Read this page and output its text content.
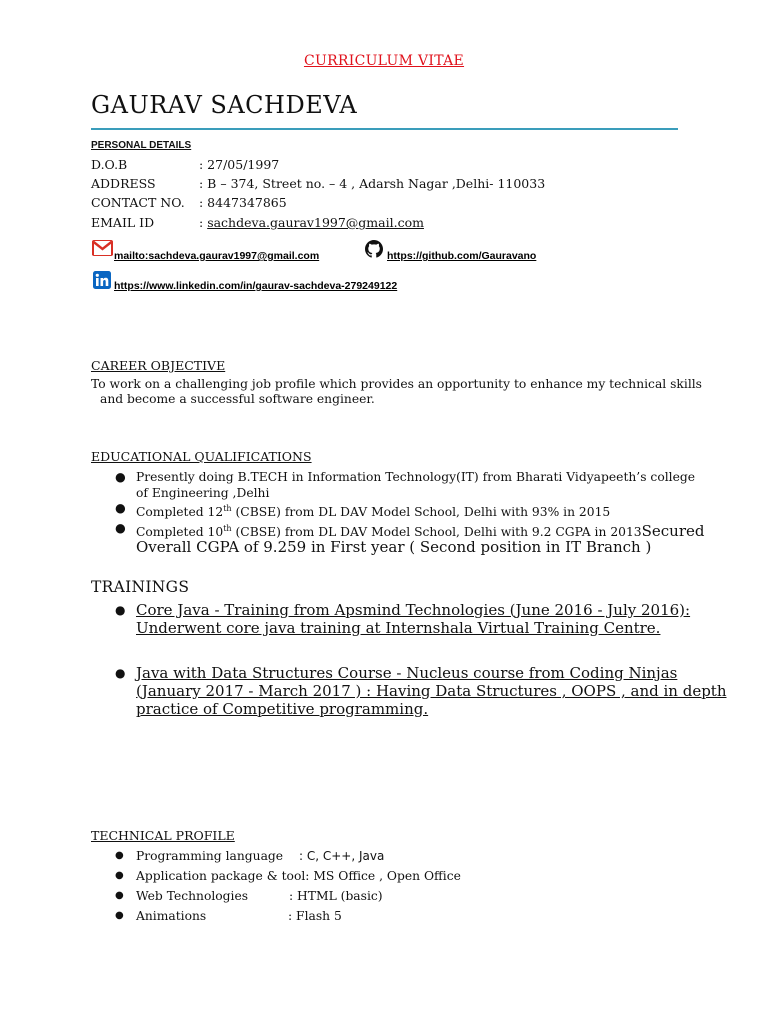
CURRICULUM VITAE
GAURAV SACHDEVA
PERSONAL DETAILS
D.O.B	: 27/05/1997
ADDRESS	: B – 374, Street no. – 4 , Adarsh Nagar ,Delhi- 110033
CONTACT NO. : 8447347865
EMAIL ID	: sachdeva.gaurav1997@gmail.com
mailto:sachdeva.gaurav1997@gmail.com	https://github.com/Gauravano
https://www.linkedin.com/in/gaurav-sachdeva-279249122
CAREER OBJECTIVE
To work on a challenging job profile which provides an opportunity to enhance my technical skills
and become a successful software engineer.
EDUCATIONAL QUALIFICATIONS
● Presently doing B.TECH in Information Technology(IT) from Bharati Vidyapeeth’s college
of Engineering ,Delhi
● Completed 12th (CBSE) from DL DAV Model School, Delhi with 93% in 2015
● Completed 10th (CBSE) from DL DAV Model School, Delhi with 9.2 CGPA in 2013Secured
Overall CGPA of 9.259 in First year ( Second position in IT Branch )
TRAININGS
● Core Java - Training from Apsmind Technologies (June 2016 - July 2016):
Underwent core java training at Internshala Virtual Training Centre.
● Java with Data Structures Course - Nucleus course from Coding Ninjas
(January 2017 - March 2017 ) : Having Data Structures , OOPS , and in depth
practice of Competitive programming.
TECHNICAL PROFILE
● Programming language : C, C++, Java
● Application package & tool: MS Office , Open Office
● Web Technologies	: HTML (basic)
● Animations	: Flash 5
